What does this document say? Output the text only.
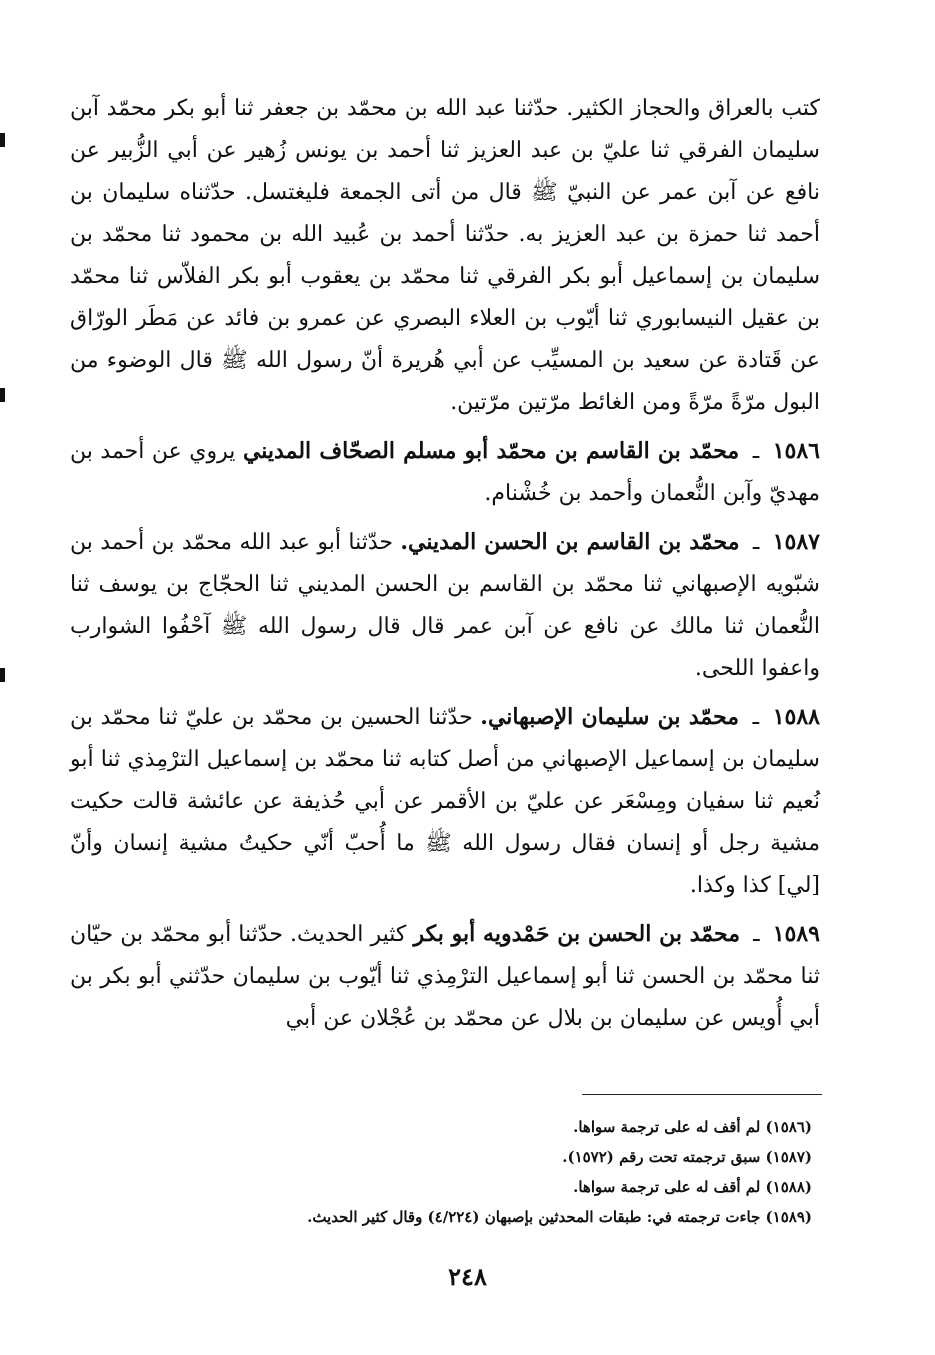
كتب بالعراق والحجاز الكثير. حدّثنا عبد الله بن محمّد بن جعفر ثنا أبو بكر محمّد آبن سليمان الفرقي ثنا عليّ بن عبد العزيز ثنا أحمد بن يونس زُهير عن أبي الزُّبير عن نافع عن آبن عمر عن النبيّ ﷺ قال من أتى الجمعة فليغتسل. حدّثناه سليمان بن أحمد ثنا حمزة بن عبد العزيز به. حدّثنا أحمد بن عُبيد الله بن محمود ثنا محمّد بن سليمان بن إسماعيل أبو بكر الفرقي ثنا محمّد بن يعقوب أبو بكر الفلاّس ثنا محمّد بن عقيل النيسابوري ثنا أيّوب بن العلاء البصري عن عمرو بن فائد عن مَطَر الورّاق عن قَتادة عن سعيد بن المسيِّب عن أبي هُريرة أنّ رسول الله ﷺ قال الوضوء من البول مرّةً مرّةً ومن الغائط مرّتين مرّتين.

١٥٨٦ ـ محمّد بن القاسم بن محمّد أبو مسلم الصحّاف المديني يروي عن أحمد بن مهديّ وآبن النُّعمان وأحمد بن خُشْنام.

١٥٨٧ ـ محمّد بن القاسم بن الحسن المديني. حدّثنا أبو عبد الله محمّد بن أحمد بن شبّويه الإصبهاني ثنا محمّد بن القاسم بن الحسن المديني ثنا الحجّاج بن يوسف ثنا النُّعمان ثنا مالك عن نافع عن آبن عمر قال قال رسول الله ﷺ آحْفُوا الشوارب واعفوا اللحى.

١٥٨٨ ـ محمّد بن سليمان الإصبهاني. حدّثنا الحسين بن محمّد بن عليّ ثنا محمّد بن سليمان بن إسماعيل الإصبهاني من أصل كتابه ثنا محمّد بن إسماعيل الترْمِذي ثنا أبو نُعيم ثنا سفيان ومِسْعَر عن عليّ بن الأقمر عن أبي حُذيفة عن عائشة قالت حكيت مشية رجل أو إنسان فقال رسول الله ﷺ ما أُحبّ أنّي حكيتُ مشية إنسان وأنّ [لي] كذا وكذا.

١٥٨٩ ـ محمّد بن الحسن بن حَمْدويه أبو بكر كثير الحديث. حدّثنا أبو محمّد بن حيّان ثنا محمّد بن الحسن ثنا أبو إسماعيل الترْمِذي ثنا أيّوب بن سليمان حدّثني أبو بكر بن أبي أُويس عن سليمان بن بلال عن محمّد بن عُجْلان عن أبي

(١٥٨٦) لم أقف له على ترجمة سواها.

(١٥٨٧) سبق ترجمته تحت رقم (١٥٧٢).

(١٥٨٨) لم أقف له على ترجمة سواها.

(١٥٨٩) جاءت ترجمته في: طبقات المحدثين بإصبهان (٤/٢٢٤) وقال كثير الحديث.

٢٤٨
